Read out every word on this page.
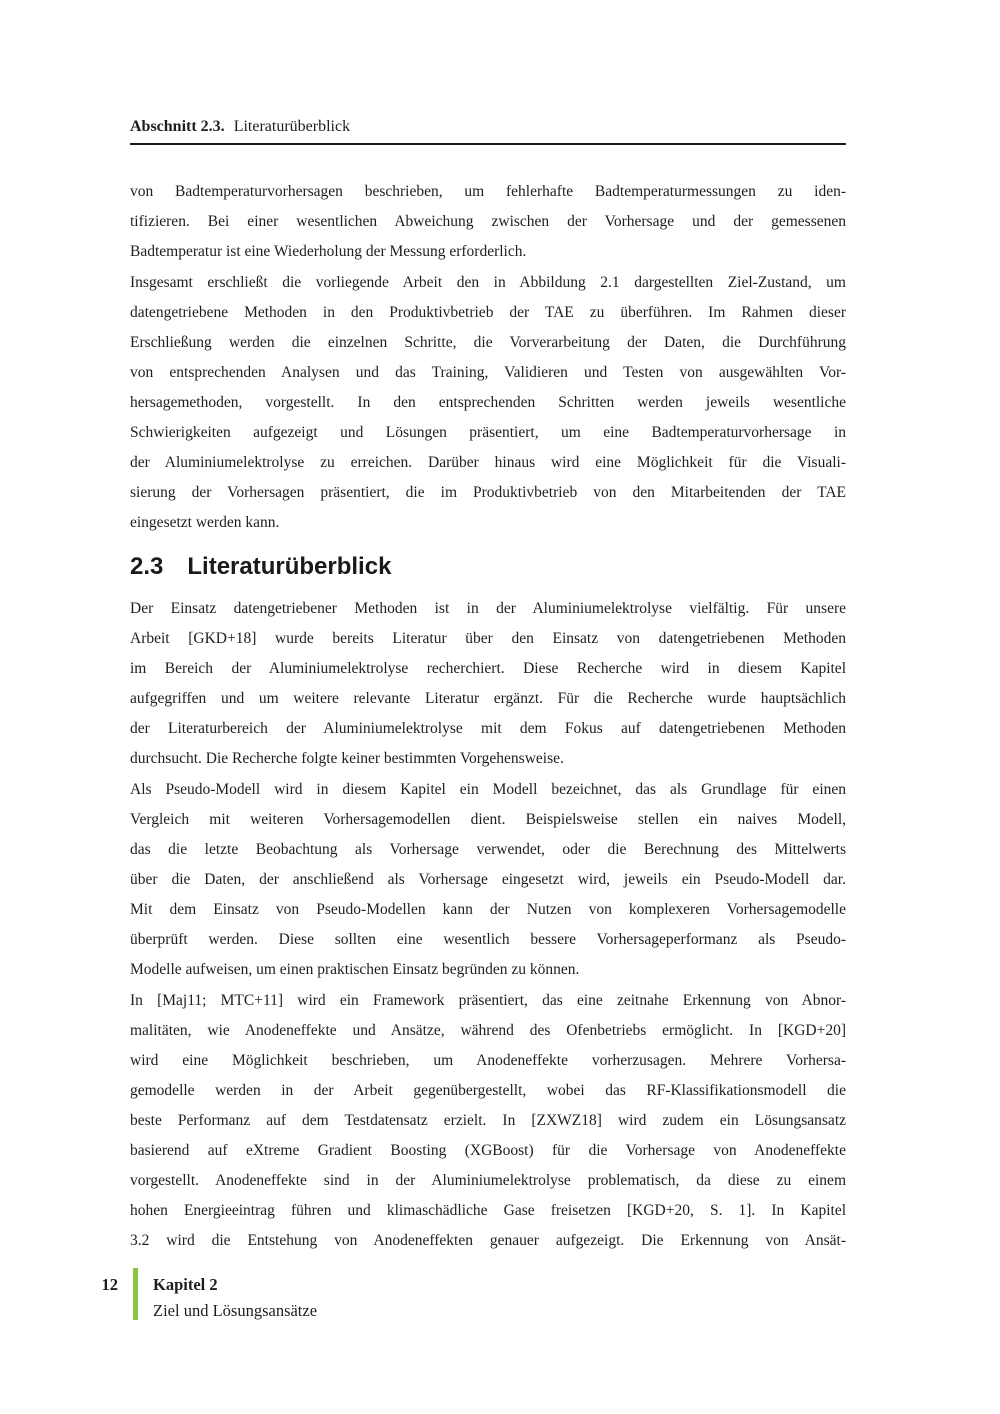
Abschnitt 2.3. Literaturüberblick
von Badtemperaturvorhersagen beschrieben, um fehlerhafte Badtemperaturmessungen zu iden-
tifizieren. Bei einer wesentlichen Abweichung zwischen der Vorhersage und der gemessenen
Badtemperatur ist eine Wiederholung der Messung erforderlich.
Insgesamt erschließt die vorliegende Arbeit den in Abbildung 2.1 dargestellten Ziel-Zustand, um
datengetriebene Methoden in den Produktivbetrieb der TAE zu überführen. Im Rahmen dieser
Erschließung werden die einzelnen Schritte, die Vorverarbeitung der Daten, die Durchführung
von entsprechenden Analysen und das Training, Validieren und Testen von ausgewählten Vor-
hersagemethoden, vorgestellt. In den entsprechenden Schritten werden jeweils wesentliche
Schwierigkeiten aufgezeigt und Lösungen präsentiert, um eine Badtemperaturvorhersage in
der Aluminiumelektrolyse zu erreichen. Darüber hinaus wird eine Möglichkeit für die Visuali-
sierung der Vorhersagen präsentiert, die im Produktivbetrieb von den Mitarbeitenden der TAE
eingesetzt werden kann.
2.3 Literaturüberblick
Der Einsatz datengetriebener Methoden ist in der Aluminiumelektrolyse vielfältig. Für unsere
Arbeit [GKD+18] wurde bereits Literatur über den Einsatz von datengetriebenen Methoden
im Bereich der Aluminiumelektrolyse recherchiert. Diese Recherche wird in diesem Kapitel
aufgegriffen und um weitere relevante Literatur ergänzt. Für die Recherche wurde hauptsächlich
der Literaturbereich der Aluminiumelektrolyse mit dem Fokus auf datengetriebenen Methoden
durchsucht. Die Recherche folgte keiner bestimmten Vorgehensweise.
Als Pseudo-Modell wird in diesem Kapitel ein Modell bezeichnet, das als Grundlage für einen
Vergleich mit weiteren Vorhersagemodellen dient. Beispielsweise stellen ein naives Modell,
das die letzte Beobachtung als Vorhersage verwendet, oder die Berechnung des Mittelwerts
über die Daten, der anschließend als Vorhersage eingesetzt wird, jeweils ein Pseudo-Modell dar.
Mit dem Einsatz von Pseudo-Modellen kann der Nutzen von komplexeren Vorhersagemodelle
überprüft werden. Diese sollten eine wesentlich bessere Vorhersageperformanz als Pseudo-
Modelle aufweisen, um einen praktischen Einsatz begründen zu können.
In [Maj11; MTC+11] wird ein Framework präsentiert, das eine zeitnahe Erkennung von Abnor-
malitäten, wie Anodeneffekte und Ansätze, während des Ofenbetriebs ermöglicht. In [KGD+20]
wird eine Möglichkeit beschrieben, um Anodeneffekte vorherzusagen. Mehrere Vorhersa-
gemodelle werden in der Arbeit gegenübergestellt, wobei das RF-Klassifikationsmodell die
beste Performanz auf dem Testdatensatz erzielt. In [ZXWZ18] wird zudem ein Lösungsansatz
basierend auf eXtreme Gradient Boosting (XGBoost) für die Vorhersage von Anodeneffekte
vorgestellt. Anodeneffekte sind in der Aluminiumelektrolyse problematisch, da diese zu einem
hohen Energieeintrag führen und klimaschädliche Gase freisetzen [KGD+20, S. 1]. In Kapitel
3.2 wird die Entstehung von Anodeneffekten genauer aufgezeigt. Die Erkennung von Ansät-
12 Kapitel 2
Ziel und Lösungsansätze
